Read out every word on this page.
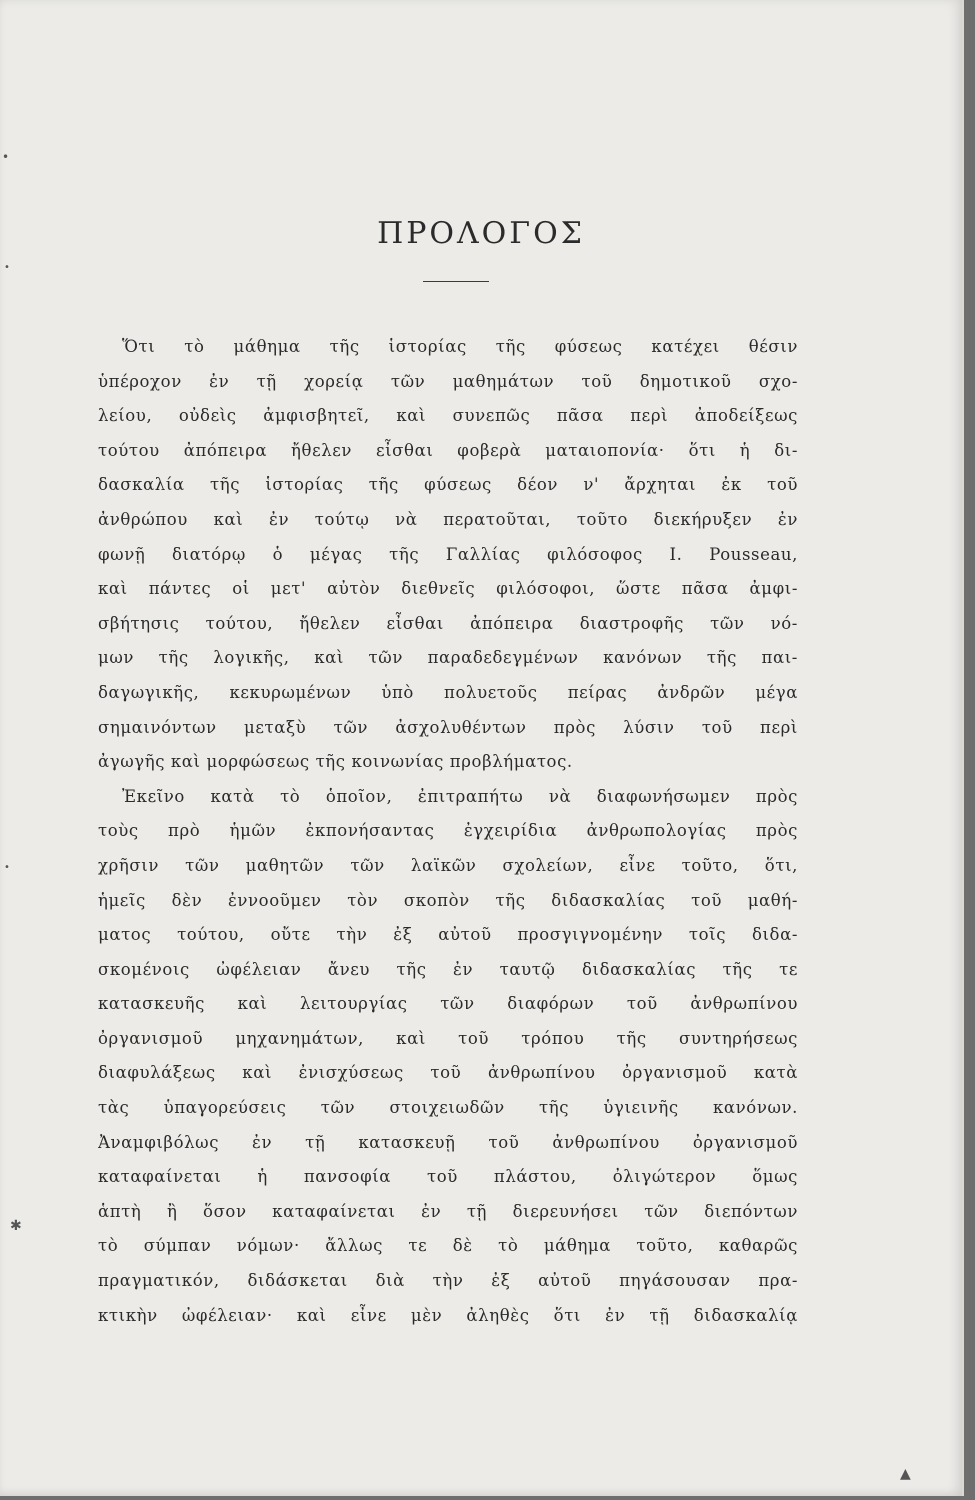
ΠΡΟΛΟΓΟΣ
Ὅτι τὸ μάθημα τῆς ἱστορίας τῆς φύσεως κατέχει θέσιν
ὑπέροχον ἐν τῇ χορείᾳ τῶν μαθημάτων τοῦ δημοτικοῦ σχο-
λείου, οὐδεὶς ἀμφισβητεῖ, καὶ συνεπῶς πᾶσα περὶ ἀποδείξεως
τούτου ἀπόπειρα ἤθελεν εἶσθαι φοβερὰ ματαιοπονία· ὅτι ἡ δι-
δασκαλία τῆς ἱστορίας τῆς φύσεως δέον ν' ἄρχηται ἐκ τοῦ
ἀνθρώπου καὶ ἐν τούτῳ νὰ περατοῦται, τοῦτο διεκήρυξεν ἐν
φωνῇ διατόρῳ ὁ μέγας τῆς Γαλλίας φιλόσοφος I. Pousseau,
καὶ πάντες οἱ μετ' αὐτὸν διεθνεῖς φιλόσοφοι, ὥστε πᾶσα ἀμφι-
σβήτησις τούτου, ἤθελεν εἶσθαι ἀπόπειρα διαστροφῆς τῶν νό-
μων τῆς λογικῆς, καὶ τῶν παραδεδεγμένων κανόνων τῆς παι-
δαγωγικῆς, κεκυρωμένων ὑπὸ πολυετοῦς πείρας ἀνδρῶν μέγα
σημαινόντων μεταξὺ τῶν ἀσχολυθέντων πρὸς λύσιν τοῦ περὶ
ἀγωγῆς καὶ μορφώσεως τῆς κοινωνίας προβλήματος.
Ἐκεῖνο κατὰ τὸ ὁποῖον, ἐπιτραπήτω νὰ διαφωνήσωμεν πρὸς
τοὺς πρὸ ἡμῶν ἐκπονήσαντας ἐγχειρίδια ἀνθρωπολογίας πρὸς
χρῆσιν τῶν μαθητῶν τῶν λαϊκῶν σχολείων, εἶνε τοῦτο, ὅτι,
ἡμεῖς δὲν ἐννοοῦμεν τὸν σκοπὸν τῆς διδασκαλίας τοῦ μαθή-
ματος τούτου, οὔτε τὴν ἐξ αὐτοῦ προσγιγνομένην τοῖς διδα-
σκομένοις ὠφέλειαν ἄνευ τῆς ἐν ταυτῷ διδασκαλίας τῆς τε
κατασκευῆς καὶ λειτουργίας τῶν διαφόρων τοῦ ἀνθρωπίνου
ὀργανισμοῦ μηχανημάτων, καὶ τοῦ τρόπου τῆς συντηρήσεως
διαφυλάξεως καὶ ἐνισχύσεως τοῦ ἀνθρωπίνου ὀργανισμοῦ κατὰ
τὰς ὑπαγορεύσεις τῶν στοιχειωδῶν τῆς ὑγιεινῆς κανόνων.
Ἀναμφιβόλως ἐν τῇ κατασκευῇ τοῦ ἀνθρωπίνου ὀργανισμοῦ
καταφαίνεται ἡ πανσοφία τοῦ πλάστου, ὀλιγώτερον ὅμως
ἁπτὴ ἢ ὅσον καταφαίνεται ἐν τῇ διερευνήσει τῶν διεπόντων
τὸ σύμπαν νόμων· ἄλλως τε δὲ τὸ μάθημα τοῦτο, καθαρῶς
πραγματικόν, διδάσκεται διὰ τὴν ἐξ αὐτοῦ πηγάσουσαν πρα-
κτικὴν ὠφέλειαν· καὶ εἶνε μὲν ἀληθὲς ὅτι ἐν τῇ διδασκαλίᾳ
•
•
•
✱
▲
